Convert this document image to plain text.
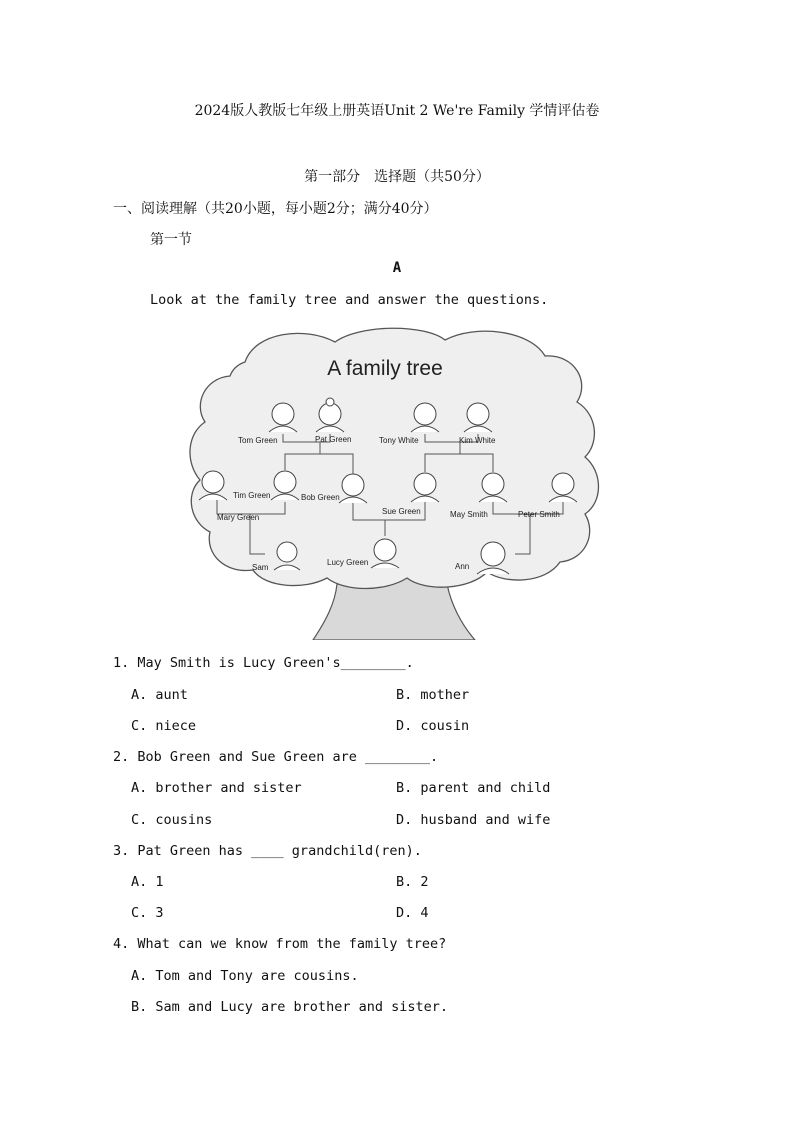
2024版人教版七年级上册英语Unit 2 We're Family 学情评估卷
第一部分　选择题（共50分）
一、阅读理解（共20小题，每小题2分；满分40分）
第一节
A
Look at the family tree and answer the questions.
A family tree
Tom Green	Pat Green	Tony White	Kim White
Mary Green
Tim Green	Bob Green
Sue Green	May Smith	Peter Smith
Sam
Lucy Green	Ann
1. May Smith is Lucy Green's________.
A. aunt	B. mother
C. niece	D. cousin
2. Bob Green and Sue Green are ________.
A. brother and sister	B. parent and child
C. cousins	D. husband and wife
3. Pat Green has ____ grandchild(ren).
A. 1	B. 2
C. 3	D. 4
4. What can we know from the family tree?
A. Tom and Tony are cousins.
B. Sam and Lucy are brother and sister.
